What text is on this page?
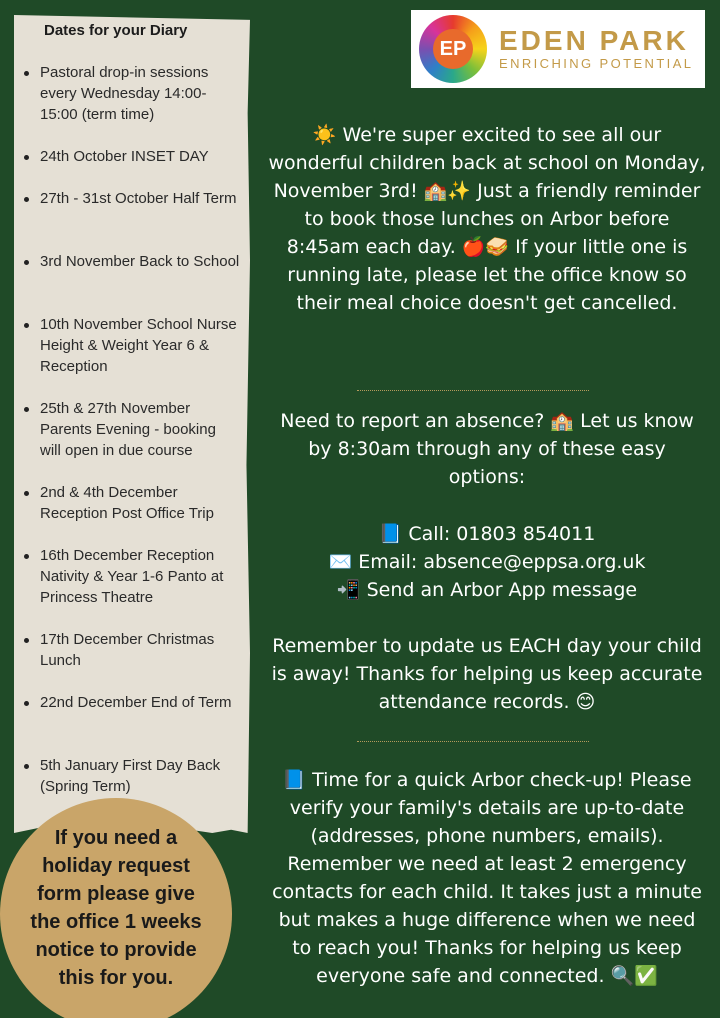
Dates for your Diary
Pastoral drop-in sessions every Wednesday 14:00-15:00 (term time)
24th October INSET DAY
27th - 31st October Half Term
3rd November Back to School
10th November School Nurse Height & Weight Year 6 & Reception
25th & 27th November Parents Evening - booking will open in due course
2nd & 4th December Reception Post Office Trip
16th December Reception Nativity & Year 1-6 Panto at Princess Theatre
17th December Christmas Lunch
22nd December End of Term
5th January First Day Back (Spring Term)
If you need a holiday request form please give the office 1 weeks notice to provide this for you.
EP EDEN PARK
ENRICHING POTENTIAL
☀️ We're super excited to see all our wonderful children back at school on Monday, November 3rd! 🏫✨ Just a friendly reminder to book those lunches on Arbor before 8:45am each day. 🍎🥪 If your little one is running late, please let the office know so their meal choice doesn't get cancelled.
Need to report an absence? 🏫 Let us know by 8:30am through any of these easy options:
📘 Call: 01803 854011
✉️ Email: absence@eppsa.org.uk
📲 Send an Arbor App message
Remember to update us EACH day your child is away! Thanks for helping us keep accurate attendance records. 😊
📘 Time for a quick Arbor check-up! Please verify your family's details are up-to-date (addresses, phone numbers, emails). Remember we need at least 2 emergency contacts for each child. It takes just a minute but makes a huge difference when we need to reach you! Thanks for helping us keep everyone safe and connected. 🔍✅
